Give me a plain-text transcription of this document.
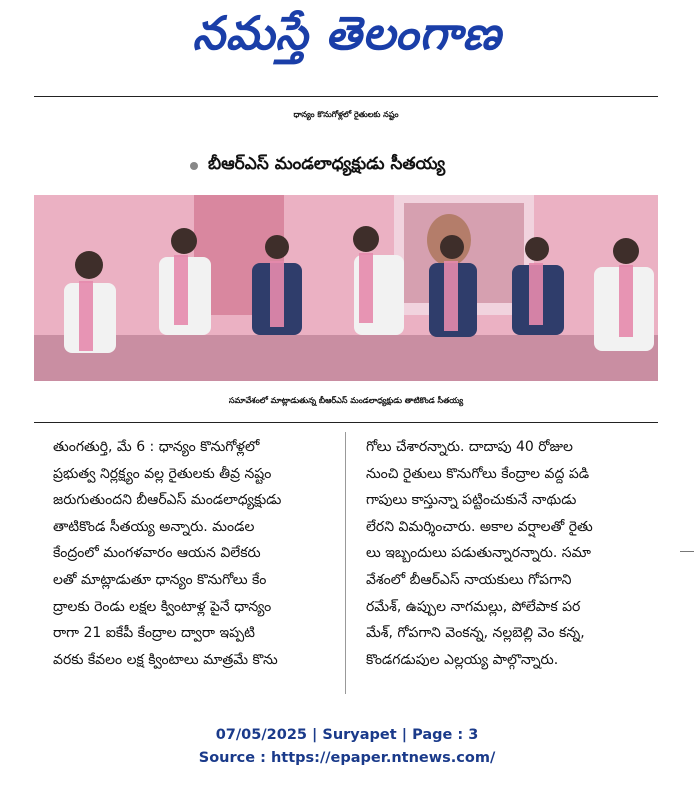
నమస్తే తెలంగాణ
ధాన్యం కొనుగోళ్లలో రైతులకు నష్టం
బీఆర్ఎస్ మండలాధ్యక్షుడు సీతయ్య
సమావేశంలో మాట్లాడుతున్న బీఆర్ఎస్ మండలాధ్యక్షుడు తాటికొండ సీతయ్య
తుంగతుర్తి, మే 6 : ధాన్యం కొనుగోళ్లలో
ప్రభుత్వ నిర్లక్ష్యం వల్ల రైతులకు తీవ్ర నష్టం
జరుగుతుందని బీఆర్ఎస్ మండలాధ్యక్షుడు
తాటికొండ సీతయ్య అన్నారు. మండల
కేంద్రంలో మంగళవారం ఆయన విలేకరు
లతో మాట్లాడుతూ ధాన్యం కొనుగోలు కేం
ద్రాలకు రెండు లక్షల క్వింటాళ్ల పైనే ధాన్యం
రాగా 21 ఐకేపీ కేంద్రాల ద్వారా ఇప్పటి
వరకు కేవలం లక్ష క్వింటాలు మాత్రమే కొను
గోలు చేశారన్నారు. దాదాపు 40 రోజుల
నుంచి రైతులు కొనుగోలు కేంద్రాల వద్ద పడి
గాపులు కాస్తున్నా పట్టించుకునే నాథుడు
లేరని విమర్శించారు. అకాల వర్షాలతో రైతు
లు ఇబ్బందులు పడుతున్నారన్నారు. సమా
వేశంలో బీఆర్ఎస్ నాయకులు గోపగాని
రమేశ్, ఉప్పుల నాగమల్లు, పోలేపాక పర
మేశ్, గోపగాని వెంకన్న, నల్లబెల్లి వెం కన్న,
కొండగడుపుల ఎల్లయ్య పాల్గొన్నారు.
07/05/2025 | Suryapet | Page : 3
Source : https://epaper.ntnews.com/
